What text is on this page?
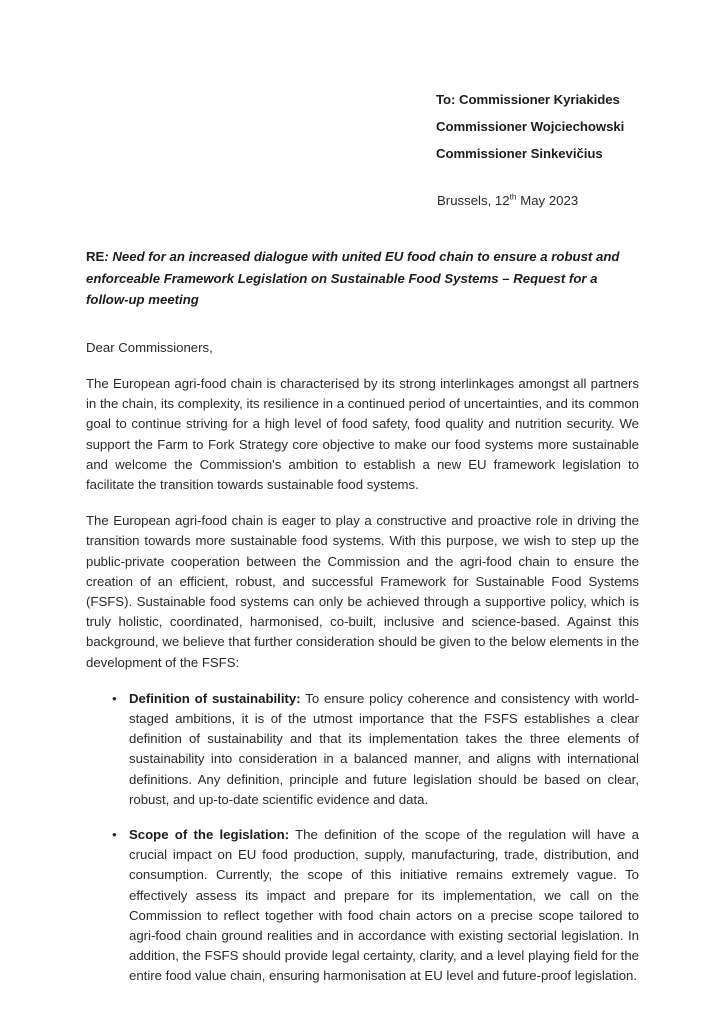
To: Commissioner Kyriakides
Commissioner Wojciechowski
Commissioner Sinkevičius
Brussels, 12th May 2023
RE: Need for an increased dialogue with united EU food chain to ensure a robust and enforceable Framework Legislation on Sustainable Food Systems – Request for a follow-up meeting

Dear Commissioners,

The European agri-food chain is characterised by its strong interlinkages amongst all partners in the chain, its complexity, its resilience in a continued period of uncertainties, and its common goal to continue striving for a high level of food safety, food quality and nutrition security. We support the Farm to Fork Strategy core objective to make our food systems more sustainable and welcome the Commission's ambition to establish a new EU framework legislation to facilitate the transition towards sustainable food systems.

The European agri-food chain is eager to play a constructive and proactive role in driving the transition towards more sustainable food systems. With this purpose, we wish to step up the public-private cooperation between the Commission and the agri-food chain to ensure the creation of an efficient, robust, and successful Framework for Sustainable Food Systems (FSFS). Sustainable food systems can only be achieved through a supportive policy, which is truly holistic, coordinated, harmonised, co-built, inclusive and science-based. Against this background, we believe that further consideration should be given to the below elements in the development of the FSFS:

• Definition of sustainability: To ensure policy coherence and consistency with world-staged ambitions, it is of the utmost importance that the FSFS establishes a clear definition of sustainability and that its implementation takes the three elements of sustainability into consideration in a balanced manner, and aligns with international definitions. Any definition, principle and future legislation should be based on clear, robust, and up-to-date scientific evidence and data.
• Scope of the legislation: The definition of the scope of the regulation will have a crucial impact on EU food production, supply, manufacturing, trade, distribution, and consumption. Currently, the scope of this initiative remains extremely vague. To effectively assess its impact and prepare for its implementation, we call on the Commission to reflect together with food chain actors on a precise scope tailored to agri-food chain ground realities and in accordance with existing sectorial legislation. In addition, the FSFS should provide legal certainty, clarity, and a level playing field for the entire food value chain, ensuring harmonisation at EU level and future-proof legislation.
